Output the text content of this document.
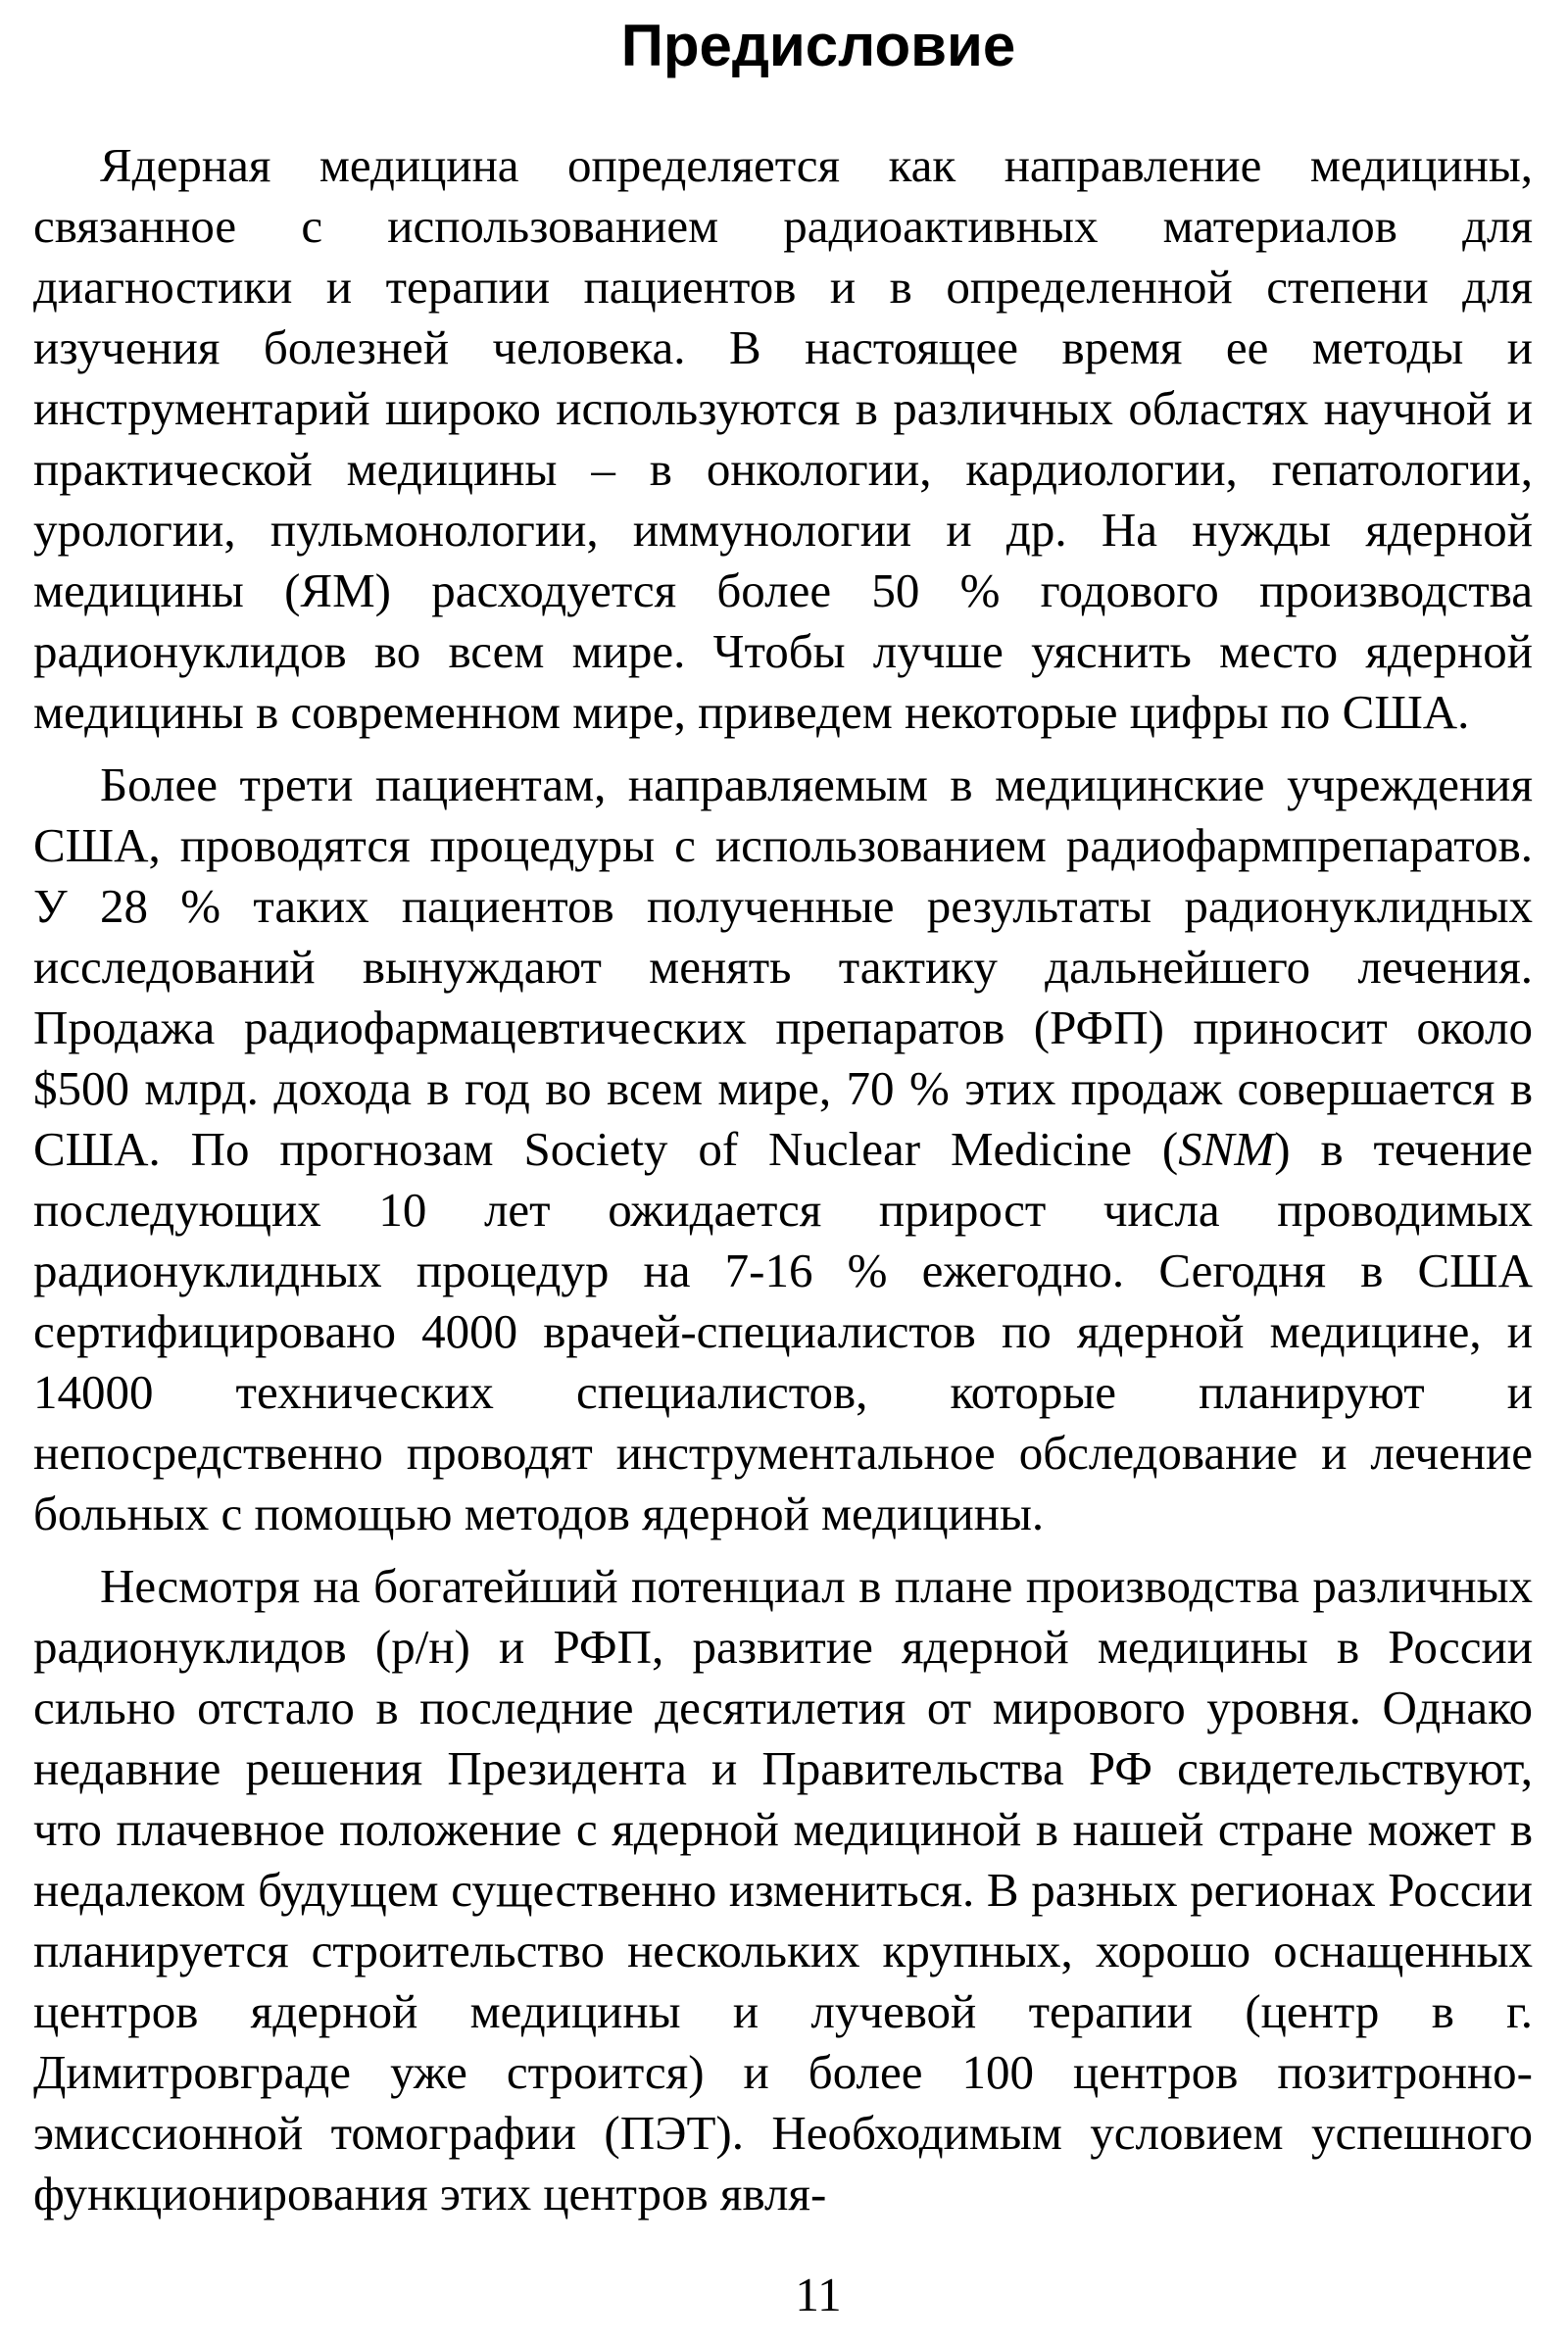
Предисловие

Ядерная медицина определяется как направление медицины, связанное с использованием радиоактивных материалов для диагностики и терапии пациентов и в определенной степени для изучения болезней человека. В настоящее время ее методы и инструментарий широко используются в различных областях научной и практической медицины – в онкологии, кардиологии, гепатологии, урологии, пульмонологии, иммунологии и др. На нужды ядерной медицины (ЯМ) расходуется более 50 % годового производства радионуклидов во всем мире. Чтобы лучше уяснить место ядерной медицины в современном мире, приведем некоторые цифры по США.

Более трети пациентам, направляемым в медицинские учреждения США, проводятся процедуры с использованием радиофармпрепаратов. У 28 % таких пациентов полученные результаты радионуклидных исследований вынуждают менять тактику дальнейшего лечения. Продажа радиофармацевтических препаратов (РФП) приносит около $500 млрд. дохода в год во всем мире, 70 % этих продаж совершается в США. По прогнозам Society of Nuclear Medicine (SNM) в течение последующих 10 лет ожидается прирост числа проводимых радионуклидных процедур на 7-16 % ежегодно. Сегодня в США сертифицировано 4000 врачей-специалистов по ядерной медицине, и 14000 технических специалистов, которые планируют и непосредственно проводят инструментальное обследование и лечение больных с помощью методов ядерной медицины.

Несмотря на богатейший потенциал в плане производства различных радионуклидов (р/н) и РФП, развитие ядерной медицины в России сильно отстало в последние десятилетия от мирового уровня. Однако недавние решения Президента и Правительства РФ свидетельствуют, что плачевное положение с ядерной медициной в нашей стране может в недалеком будущем существенно измениться. В разных регионах России планируется строительство нескольких крупных, хорошо оснащенных центров ядерной медицины и лучевой терапии (центр в г. Димитровграде уже строится) и более 100 центров позитронно-эмиссионной томографии (ПЭТ). Необходимым условием успешного функционирования этих центров явля-

11
